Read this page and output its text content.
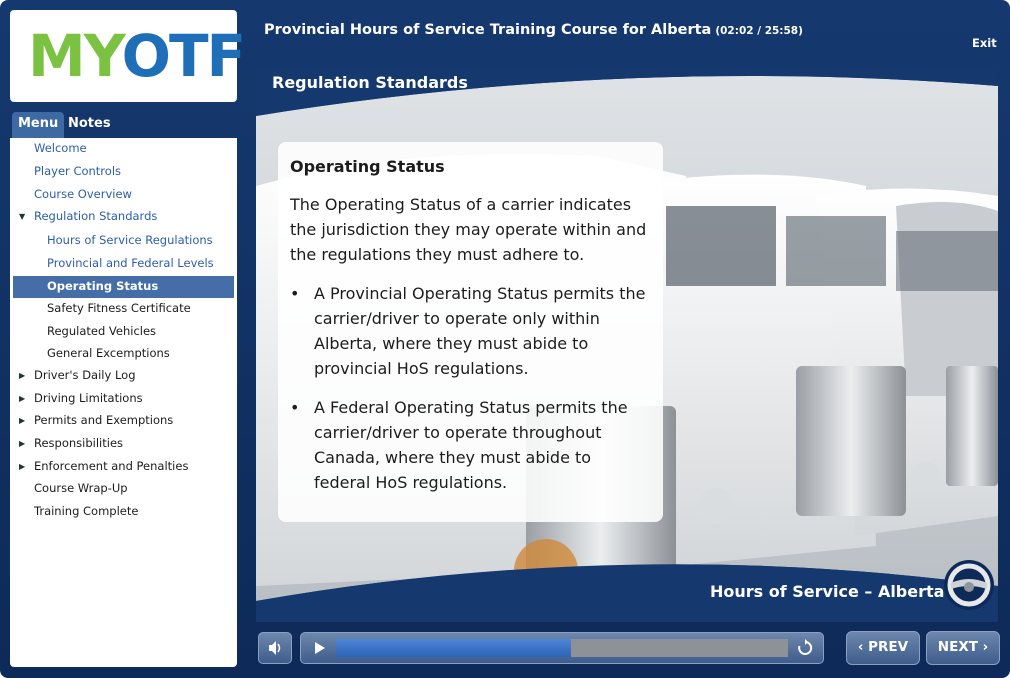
MYOTF
Menu Notes
Welcome
Player Controls
Course Overview
▼ Regulation Standards
Hours of Service Regulations
Provincial and Federal Levels
Operating Status
Safety Fitness Certificate
Regulated Vehicles
General Excemptions
▶ Driver's Daily Log
▶ Driving Limitations
▶ Permits and Exemptions
▶ Responsibilities
▶ Enforcement and Penalties
Course Wrap-Up
Training Complete
Provincial Hours of Service Training Course for Alberta (02:02 / 25:58)
Exit
Regulation Standards
Operating Status
The Operating Status of a carrier indicates the jurisdiction they may operate within and the regulations they must adhere to.
• A Provincial Operating Status permits the carrier/driver to operate only within Alberta, where they must abide to provincial HoS regulations.
• A Federal Operating Status permits the carrier/driver to operate throughout Canada, where they must abide to federal HoS regulations.
Hours of Service – Alberta
‹ PREV	NEXT ›
